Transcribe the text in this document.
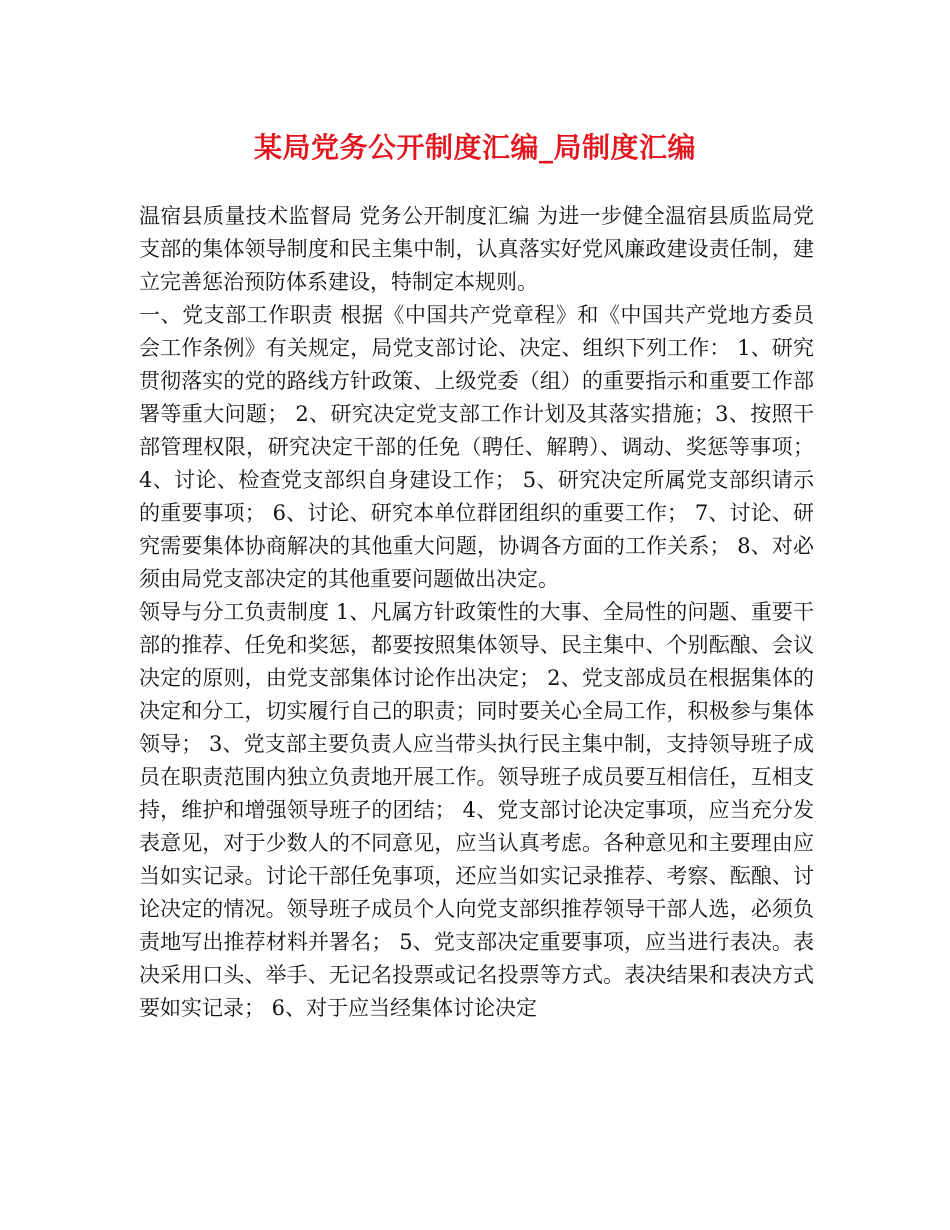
某局党务公开制度汇编_局制度汇编

温宿县质量技术监督局 党务公开制度汇编 为进一步健全温宿县质监局党支部的集体领导制度和民主集中制，认真落实好党风廉政建设责任制，建立完善惩治预防体系建设，特制定本规则。

一、党支部工作职责 根据《中国共产党章程》和《中国共产党地方委员会工作条例》有关规定，局党支部讨论、决定、组织下列工作： 1、研究贯彻落实的党的路线方针政策、上级党委（组）的重要指示和重要工作部署等重大问题； 2、研究决定党支部工作计划及其落实措施；3、按照干部管理权限，研究决定干部的任免（聘任、解聘）、调动、奖惩等事项； 4、讨论、检查党支部织自身建设工作； 5、研究决定所属党支部织请示的重要事项； 6、讨论、研究本单位群团组织的重要工作； 7、讨论、研究需要集体协商解决的其他重大问题，协调各方面的工作关系； 8、对必须由局党支部决定的其他重要问题做出决定。

领导与分工负责制度 1、凡属方针政策性的大事、全局性的问题、重要干部的推荐、任免和奖惩，都要按照集体领导、民主集中、个别酝酿、会议决定的原则，由党支部集体讨论作出决定； 2、党支部成员在根据集体的决定和分工，切实履行自己的职责；同时要关心全局工作，积极参与集体领导； 3、党支部主要负责人应当带头执行民主集中制，支持领导班子成员在职责范围内独立负责地开展工作。领导班子成员要互相信任，互相支持，维护和增强领导班子的团结； 4、党支部讨论决定事项，应当充分发表意见，对于少数人的不同意见，应当认真考虑。各种意见和主要理由应当如实记录。讨论干部任免事项，还应当如实记录推荐、考察、酝酿、讨论决定的情况。领导班子成员个人向党支部织推荐领导干部人选，必须负责地写出推荐材料并署名； 5、党支部决定重要事项，应当进行表决。表决采用口头、举手、无记名投票或记名投票等方式。表决结果和表决方式要如实记录； 6、对于应当经集体讨论决定
